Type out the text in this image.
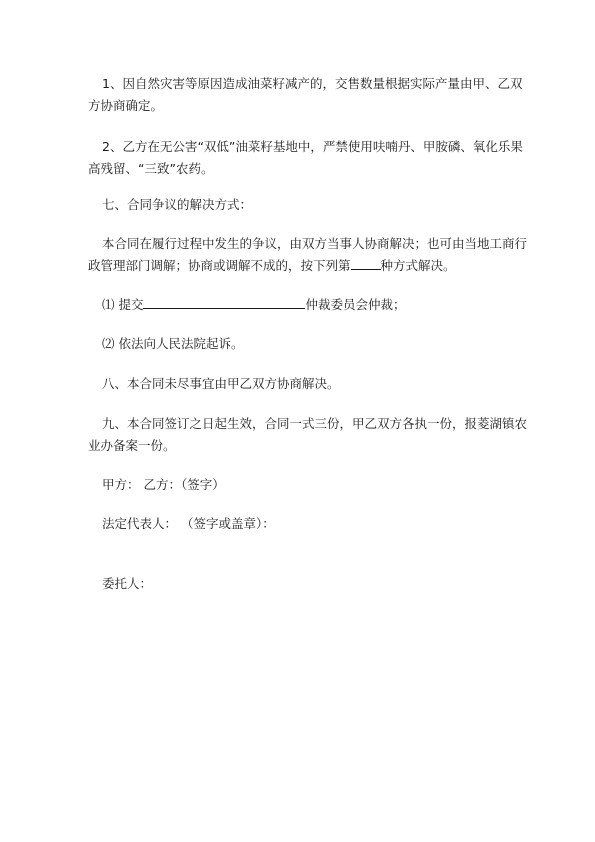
1、因自然灾害等原因造成油菜籽减产的，交售数量根据实际产量由甲、乙双方协商确定。

2、乙方在无公害“双低”油菜籽基地中，严禁使用呋喃丹、甲胺磷、氧化乐果高残留、“三致”农药。

七、合同争议的解决方式：

本合同在履行过程中发生的争议，由双方当事人协商解决；也可由当地工商行政管理部门调解；协商或调解不成的，按下列第 种方式解决。

⑴ 提交	仲裁委员会仲裁；

⑵ 依法向人民法院起诉。

八、本合同未尽事宜由甲乙双方协商解决。

九、本合同签订之日起生效，合同一式三份，甲乙双方各执一份，报菱湖镇农业办备案一份。

甲方： 乙方：（签字）

法定代表人： （签字或盖章）：

委托人：
